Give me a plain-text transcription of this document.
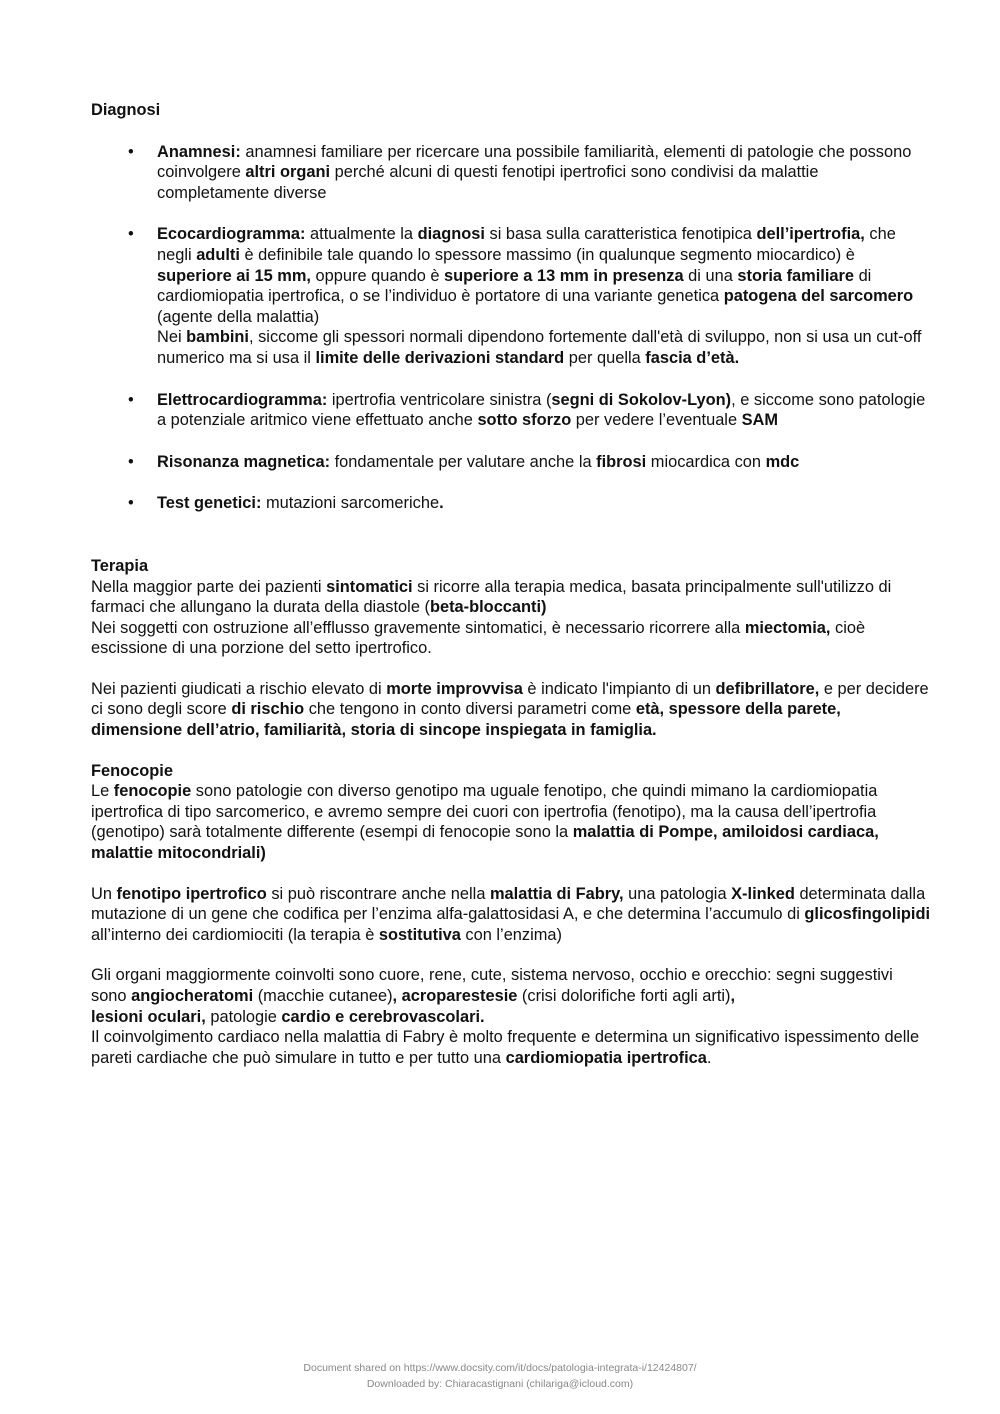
Diagnosi
• Anamnesi: anamnesi familiare per ricercare una possibile familiarità, elementi di patologie che possono coinvolgere altri organi perché alcuni di questi fenotipi ipertrofici sono condivisi da malattie completamente diverse

• Ecocardiogramma: attualmente la diagnosi si basa sulla caratteristica fenotipica dell’ipertrofia, che negli adulti è definibile tale quando lo spessore massimo (in qualunque segmento miocardico) è superiore ai 15 mm, oppure quando è superiore a 13 mm in presenza di una storia familiare di cardiomiopatia ipertrofica, o se l’individuo è portatore di una variante genetica patogena del sarcomero (agente della malattia)
Nei bambini, siccome gli spessori normali dipendono fortemente dall'età di sviluppo, non si usa un cut-off numerico ma si usa il limite delle derivazioni standard per quella fascia d’età.

• Elettrocardiogramma: ipertrofia ventricolare sinistra (segni di Sokolov-Lyon), e siccome sono patologie a potenziale aritmico viene effettuato anche sotto sforzo per vedere l’eventuale SAM

• Risonanza magnetica: fondamentale per valutare anche la fibrosi miocardica con mdc

• Test genetici: mutazioni sarcomeriche.

Terapia

Nella maggior parte dei pazienti sintomatici si ricorre alla terapia medica, basata principalmente sull'utilizzo di farmaci che allungano la durata della diastole (beta-bloccanti)
Nei soggetti con ostruzione all’efflusso gravemente sintomatici, è necessario ricorrere alla miectomia, cioè escissione di una porzione del setto ipertrofico.

Nei pazienti giudicati a rischio elevato di morte improvvisa è indicato l'impianto di un defibrillatore, e per decidere ci sono degli score di rischio che tengono in conto diversi parametri come età, spessore della parete, dimensione dell’atrio, familiarità, storia di sincope inspiegata in famiglia.

Fenocopie

Le fenocopie sono patologie con diverso genotipo ma uguale fenotipo, che quindi mimano la cardiomiopatia ipertrofica di tipo sarcomerico, e avremo sempre dei cuori con ipertrofia (fenotipo), ma la causa dell’ipertrofia (genotipo) sarà totalmente differente (esempi di fenocopie sono la malattia di Pompe, amiloidosi cardiaca, malattie mitocondriali)

Un fenotipo ipertrofico si può riscontrare anche nella malattia di Fabry, una patologia X-linked determinata dalla mutazione di un gene che codifica per l’enzima alfa-galattosidasi A, e che determina l’accumulo di glicosfingolipidi all’interno dei cardiomiociti (la terapia è sostitutiva con l’enzima)

Gli organi maggiormente coinvolti sono cuore, rene, cute, sistema nervoso, occhio e orecchio: segni suggestivi sono angiocheratomi (macchie cutanee), acroparestesie (crisi dolorifiche forti agli arti),
lesioni oculari, patologie cardio e cerebrovascolari.
Il coinvolgimento cardiaco nella malattia di Fabry è molto frequente e determina un significativo ispessimento delle pareti cardiache che può simulare in tutto e per tutto una cardiomiopatia ipertrofica.

Document shared on https://www.docsity.com/it/docs/patologia-integrata-i/12424807/
Downloaded by: Chiaracastignani (chilariga@icloud.com)
